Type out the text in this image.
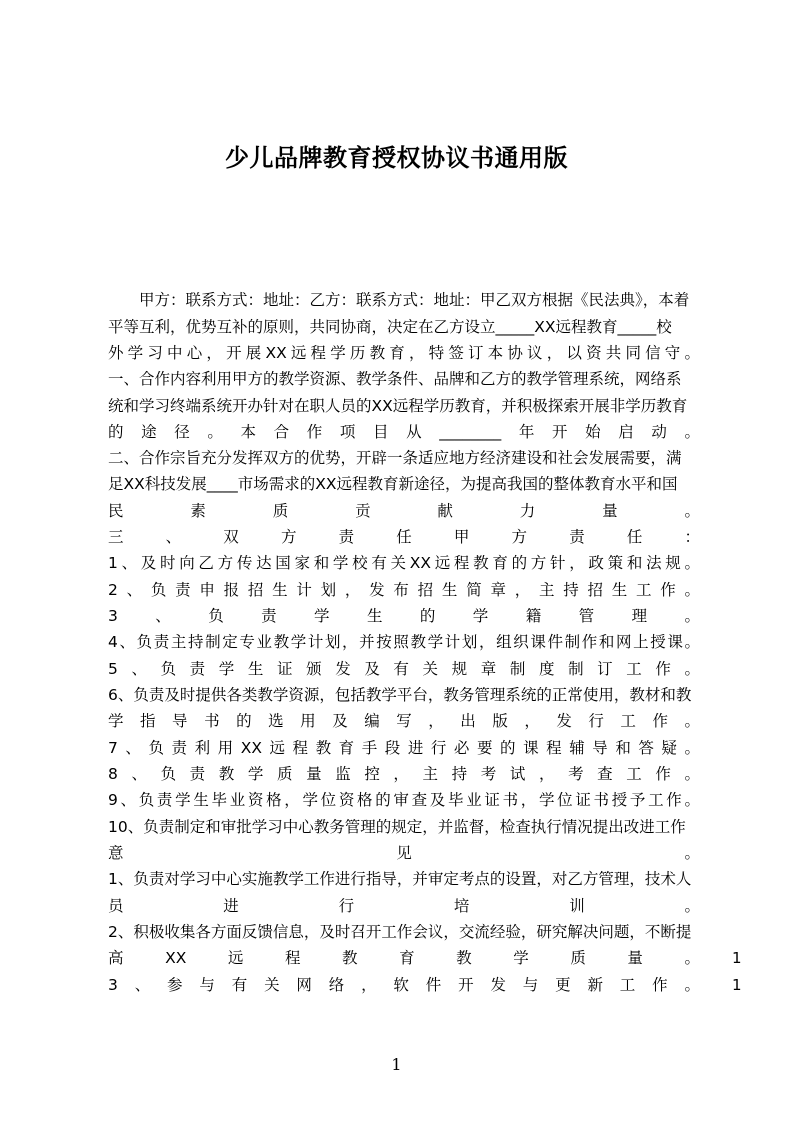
少儿品牌教育授权协议书通用版
甲方：联系方式：地址：乙方：联系方式：地址：甲乙双方根据《民法典》，本着
平等互利，优势互补的原则，共同协商，决定在乙方设立_____XX远程教育_____校
外学习中心，开展XX远程学历教育，特签订本协议，以资共同信守。
一、合作内容利用甲方的教学资源、教学条件、品牌和乙方的教学管理系统，网络系
统和学习终端系统开办针对在职人员的XX远程学历教育，并积极探索开展非学历教育
的途径。本合作项目从________年开始启动。
二、合作宗旨充分发挥双方的优势，开辟一条适应地方经济建设和社会发展需要，满
足XX科技发展____市场需求的XX远程教育新途径，为提高我国的整体教育水平和国
民素质贡献力量。
三、双方责任甲方责任：
1、及时向乙方传达国家和学校有关XX远程教育的方针，政策和法规。
2、负责申报招生计划，发布招生简章，主持招生工作。
3、负责学生的学籍管理。
4、负责主持制定专业教学计划，并按照教学计划，组织课件制作和网上授课。
5、负责学生证颁发及有关规章制度制订工作。
6、负责及时提供各类教学资源，包括教学平台，教务管理系统的正常使用，教材和教
学指导书的选用及编写，出版，发行工作。
7、负责利用XX远程教育手段进行必要的课程辅导和答疑。
8、负责教学质量监控，主持考试，考查工作。
9、负责学生毕业资格，学位资格的审查及毕业证书，学位证书授予工作。
10、负责制定和审批学习中心教务管理的规定，并监督，检查执行情况提出改进工作
意见。
1、负责对学习中心实施教学工作进行指导，并审定考点的设置，对乙方管理，技术人
员进行培训。
2、积极收集各方面反馈信息，及时召开工作会议，交流经验，研究解决问题，不断提
高XX远程教育教学质量。
3、参与有关网络，软件开发与更新工作。
1
1
1
